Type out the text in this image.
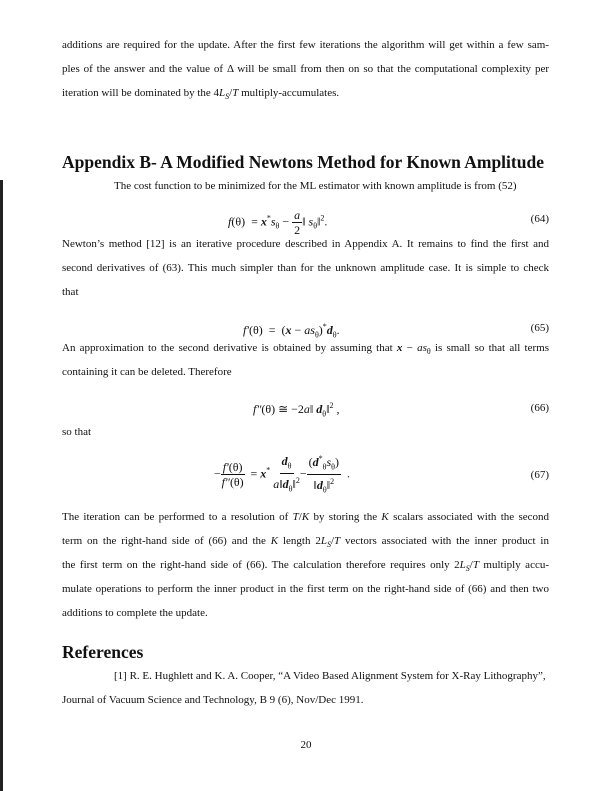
additions are required for the update. After the first few iterations the algorithm will get within a few sam-
ples of the answer and the value of Δ will be small from then on so that the computational complexity per
iteration will be dominated by the $4L_S/T$ multiply-accumulates.
Appendix B- A Modified Newtons Method for Known Amplitude
The cost function to be minimized for the ML estimator with known amplitude is from (52)
$f(\theta) = x^*s_\theta - \frac{a}{2}$ ‖ $s_\theta‖^2$.	(64)
Newton’s method [12] is an iterative procedure described in Appendix A. It remains to find the first and
second derivatives of (63). This much simpler than for the unknown amplitude case. It is simple to check
that
$f'(\theta) = (x - as_\theta)^*d_\theta$.	(65)
An approximation to the second derivative is obtained by assuming that $x - as_\theta$ is small so that all terms
containing it can be deleted. Therefore
f″(θ) ≅ −2a‖ $d_\theta‖^2$ ,	(66)
so that
− $\frac{f'(\theta)}{f''(\theta)} = x^* \frac{d_\theta}{a‖d_\theta‖^2} - \frac{(d^*_\theta s_\theta)}{‖d_\theta‖^2}$ .	(67)
The iteration can be performed to a resolution of T/K by storing the K scalars associated with the second
term on the right-hand side of (66) and the K length $2L_S/T$ vectors associated with the inner product in
the first term on the right-hand side of (66). The calculation therefore requires only $2L_S/T$ multiply accu-
mulate operations to perform the inner product in the first term on the right-hand side of (66) and then two
additions to complete the update.
References
[1] R. E. Hughlett and K. A. Cooper, “A Video Based Alignment System for X-Ray Lithography”,
Journal of Vacuum Science and Technology, B 9 (6), Nov/Dec 1991.
20
